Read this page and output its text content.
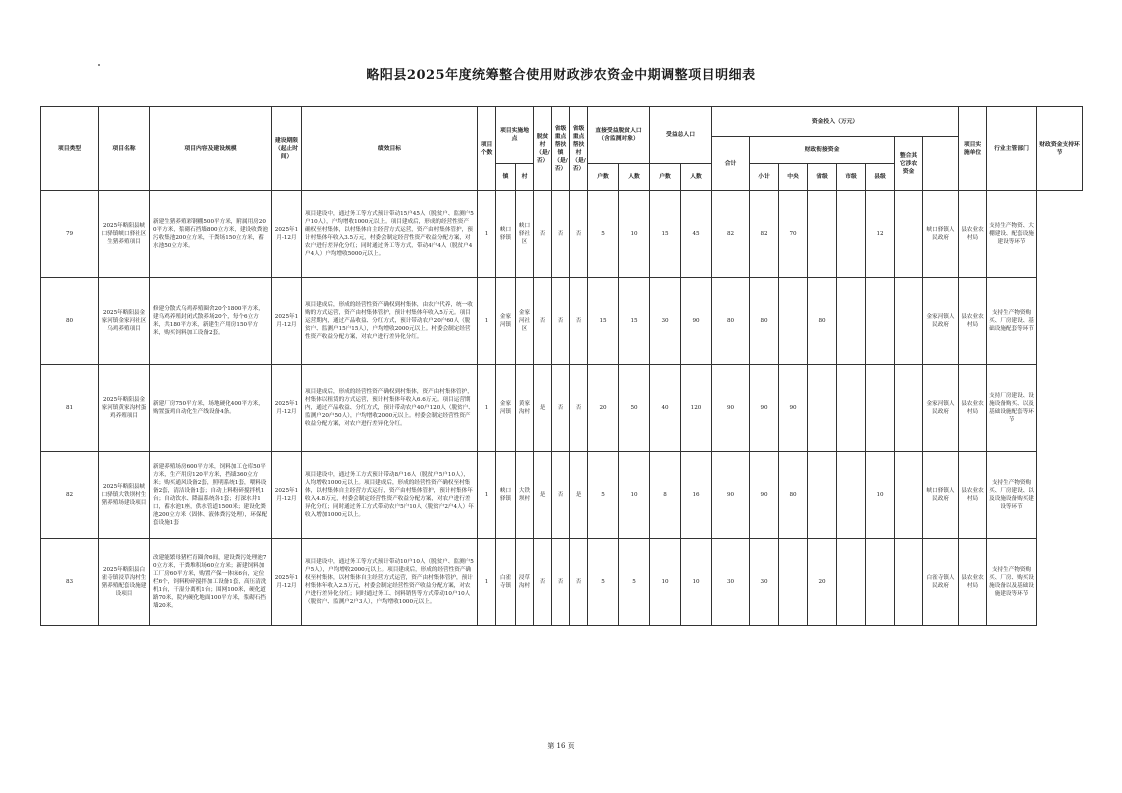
略阳县2025年度统筹整合使用财政涉农资金中期调整项目明细表
项目类型	项目名称	项目内容及建设规模	建设期限（起止时间）	绩效目标	项目个数	项目实施地点		脱贫村（是/否）	省级重点帮扶镇（是/否）	省级重点帮扶村（是/否）	直接受益脱贫人口（含监测对象）		受益总人口		资金投入（万元）								项目实施单位	行业主管部门	财政资金支持环节
															合计	财政衔接资金					整合其它涉农资金				
						镇	村				户数	人数	户数	人数		小计	中央	省级	市级	县级					
79	2025年略阳县峡口驿镇峡口驿社区生猪养殖项目	新建生猪养殖彩钢棚500平方米，附属用房200平方米，浆砌石挡墙800立方米，建设收粪池污收集池200立方米，干粪场150立方米，蓄水池50立方米。	2025年1月-12月	项目建设中，通过务工等方式预计带动15户45人（脱贫户、监测户5户10人），户均增收1000元以上。项目建成后，形成的经营性资产确权至村集体，以村集体自主经营方式运营，资产由村集体管护，预计村集体年收入3.5万元，村委会制定经营性资产收益分配方案，对农户进行差异化分红；同时通过务工等方式，带动4户4人（脱贫户4户4人）户均增收5000元以上。	1	峡口驿镇	峡口驿社区	否	否	否	5	10	15	45	82	82	70			12		峡口驿镇人民政府	县农业农村局	支持生产物资、大棚建设、配套设施建设等环节	
80	2025年略阳县金家河镇金家河社区乌鸡养殖项目	修建分散式乌鸡养殖圈舍20个1800平方米，建乌鸡养殖封闭式散养场20个，每个6立方米，共180平方米，新建生产用房150平方米，购买饲料加工设备2套。	2025年1月-12月	项目建成后，形成的经营性资产确权到村集体，由农户代养，统一收购的方式运营，资产由村集体管护，预计村集体年收入5万元。项目运营期内，通过产品收益、分红方式，预计带动农户20户60人（脱贫户、监测户15户15人），户均增收2000元以上。村委会制定经营性资产收益分配方案，对农户进行差异化分红。	1	金家河镇	金家河社区	否	否	否	15	15	30	90	80	80		80				金家河镇人民政府	县农业农村局	支持生产物资购买、厂房建设、基础设施配套等环节	
81	2025年略阳县金家河镇黄家沟村蛋鸡养殖项目	新建厂房750平方米，场地硬化400平方米，购置蛋鸡自动化生产线设备4条。	2025年1月-12月	项目建成后，形成的经营性资产确权到村集体，资产由村集体管护，村集体以租赁的方式运营，预计村集体年收入6.6万元。项目运营期内，通过产品收益、分红方式，预计带动农户40户120人（脱贫户、监测户20户50人），户均增收2000元以上。村委会制定经营性资产收益分配方案，对农户进行差异化分红。	1	金家河镇	黄家沟村	是	否	否	20	50	40	120	90	90	90					金家河镇人民政府	县农业农村局	支持厂房建设、设施设备购买、以及基础设施配套等环节	
82	2025年略阳县峡口驿镇大铁坝村生猪养殖场建设项目	新建养殖场房600平方米，饲料加工仓库50平方米，生产用房120平方米，挡墙360立方米；购买通风设备2套，照明系统1套，喂料设备2套，清洁设备1套；自动上料粉碎搅拌机1台；自动饮水、降温系统各1套；打深水井1口，蓄水池1座，供水管道1500米；建设化粪池200立方米（固体、液体粪污处理），环保配套设施1套	2025年1月-12月	项目建设中，通过务工方式预计带动8户16人（脱贫户5户10人），人均增收1000元以上。项目建成后，形成的经营性资产确权至村集体，以村集体自主经营方式运行，资产由村集体管护，预计村集体年收入4.8万元，村委会制定经营性资产收益分配方案，对农户进行差异化分红；同时通过务工方式带动农户5户10人（脱贫户2户4人）年收入增加1000元以上。	1	峡口驿镇	大铁坝村	是	否	是	5	10	8	16	90	90	80			10		峡口驿镇人民政府	县农业农村局	支持生产物资购买、厂房建设、以及设施设备购买建设等环节	
83	2025年略阳县白雀寺镇浸草沟村生猪养殖配套设施建设项目	改建能繁母猪栏育圈舍6间，建设粪污处理池70立方米，干粪堆积场60立方米；新建饲料加工厂房60平方米，购置产保一体床6台，定位栏6个，饲料粉碎搅拌加工设备1套，高压清洗机1台，干湿分离机1台；围网100米，硬化道路70米，院内硬化地面100平方米，浆砌石挡墙20米。	2025年1月-12月	项目建设中，通过务工等方式预计带动10户10人（脱贫户、监测户5户5人），户均增收2000元以上。项目建成后，形成的经营性资产确权至村集体，以村集体自主经营方式运营，资产由村集体管护，预计村集体年收入2.5万元，村委会制定经营性资产收益分配方案，对农户进行差异化分红；同时通过务工、饲料销售等方式带动10户10人（脱贫户、监测户2户3人），户均增收1000元以上。	1	白雀寺镇	浸草沟村	否	否	否	5	5	10	10	30	30		20				白雀寺镇人民政府	县农业农村局	支持生产物资购买、厂房、购买设施设备以及基础设施建设等环节	
第 16 页
